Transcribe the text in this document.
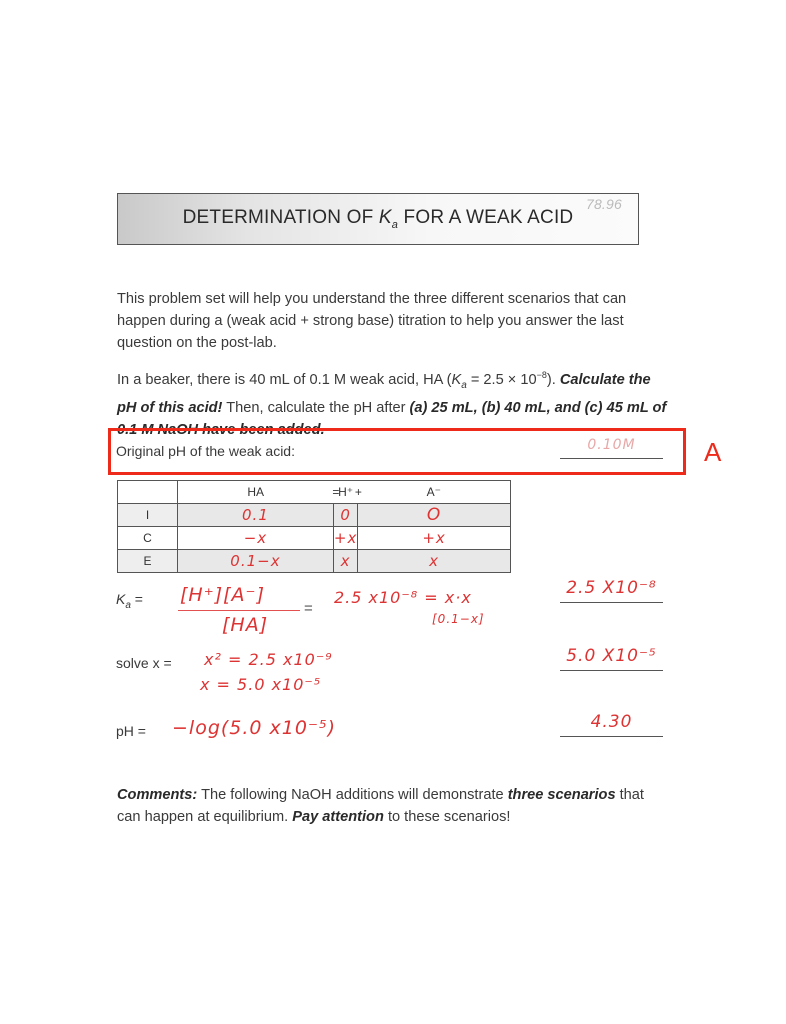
78.96
DETERMINATION OF $K_a$ FOR A WEAK ACID
This problem set will help you understand the three different scenarios that can happen during a (weak acid + strong base) titration to help you answer the last question on the post-lab.
In a beaker, there is 40 mL of 0.1 M weak acid, HA $(K_a = 2.5 \times 10^{-8})$. Calculate the pH of this acid! Then, calculate the pH after (a) 25 mL, (b) 40 mL, and (c) 45 mL of 0.1 M NaOH have been added.
Original pH of the weak acid:	0.10M	A
	HA =	H⁺ +	A⁻
I	0.1	0	O
C	−x	+x	+x
E	0.1−x	x	x
$K_a = [H^+][A^-]$
[HA]
=
2.5 x10⁻⁸ = x·x
[0.1−x]
2.5 X10⁻⁸
solve x = x² = 2.5 x10⁻⁹
x = 5.0 x10⁻⁵
5.0 X10⁻⁵
pH = −log(5.0 x10⁻⁵)	4.30
Comments: The following NaOH additions will demonstrate three scenarios that can happen at equilibrium. Pay attention to these scenarios!
